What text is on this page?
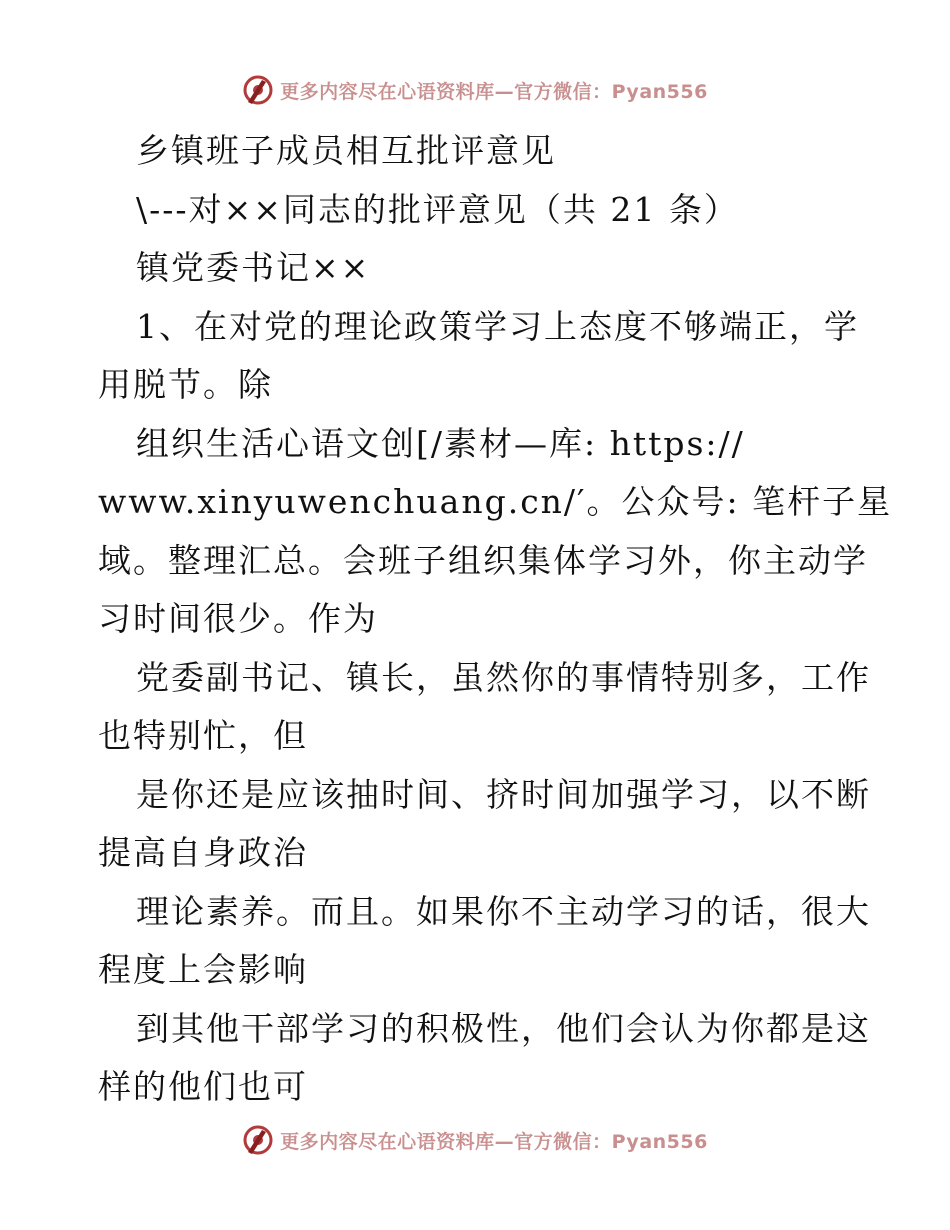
更多内容尽在心语资料库—官方微信：Pyan556
乡镇班子成员相互批评意见
\---对××同志的批评意见（共 21 条）
镇党委书记××
1、在对党的理论政策学习上态度不够端正，学
用脱节。除
组织生活心语文创[/素材—库: https://
www.xinyuwenchuang.cn/′。公众号: 笔杆子星
域。整理汇总。会班子组织集体学习外，你主动学
习时间很少。作为
党委副书记、镇长，虽然你的事情特别多，工作
也特别忙，但
是你还是应该抽时间、挤时间加强学习，以不断
提高自身政治
理论素养。而且。如果你不主动学习的话，很大
程度上会影响
到其他干部学习的积极性，他们会认为你都是这
样的他们也可
更多内容尽在心语资料库—官方微信：Pyan556
